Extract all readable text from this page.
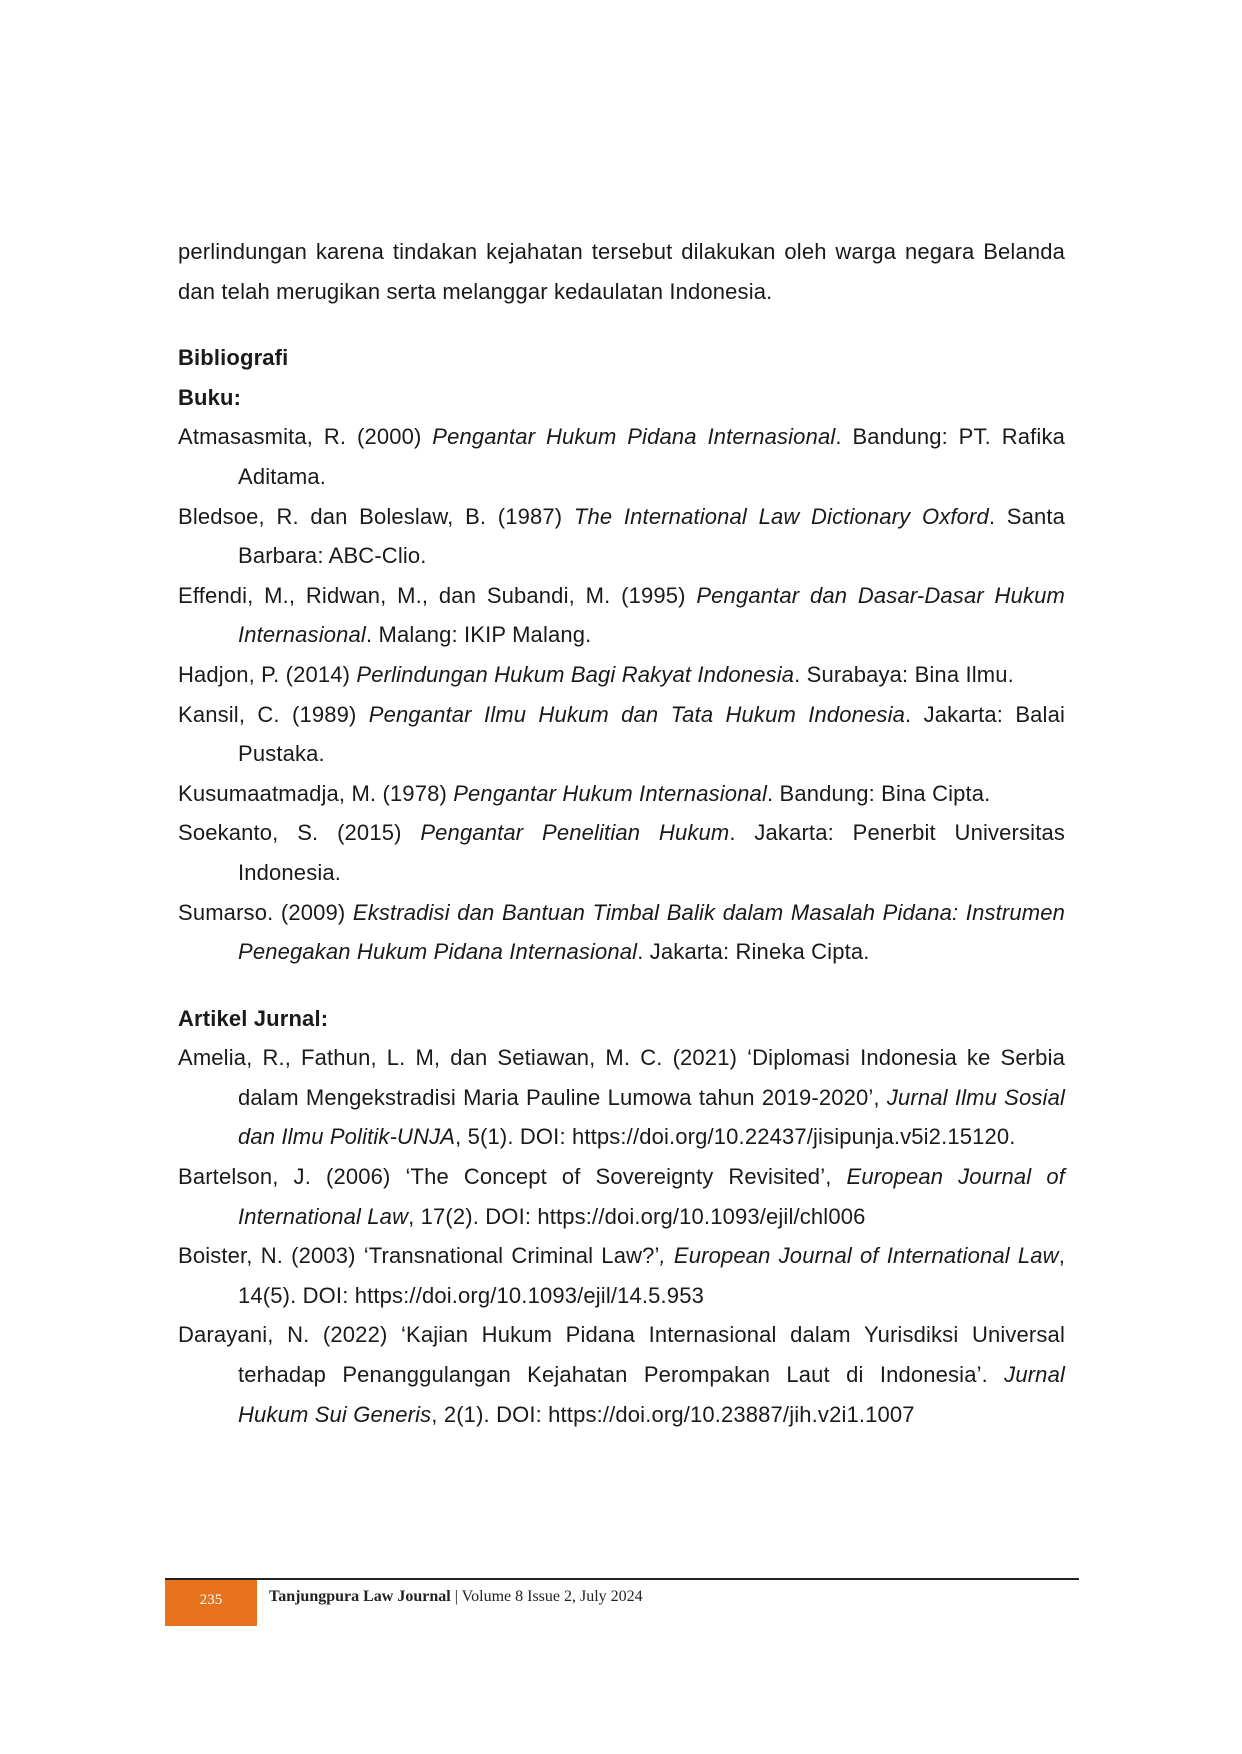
perlindungan karena tindakan kejahatan tersebut dilakukan oleh warga negara Belanda dan telah merugikan serta melanggar kedaulatan Indonesia.

Bibliografi

Buku:

Atmasasmita, R. (2000) Pengantar Hukum Pidana Internasional. Bandung: PT. Rafika Aditama.

Bledsoe, R. dan Boleslaw, B. (1987) The International Law Dictionary Oxford. Santa Barbara: ABC-Clio.

Effendi, M., Ridwan, M., dan Subandi, M. (1995) Pengantar dan Dasar-Dasar Hukum Internasional. Malang: IKIP Malang.

Hadjon, P. (2014) Perlindungan Hukum Bagi Rakyat Indonesia. Surabaya: Bina Ilmu.

Kansil, C. (1989) Pengantar Ilmu Hukum dan Tata Hukum Indonesia. Jakarta: Balai Pustaka.

Kusumaatmadja, M. (1978) Pengantar Hukum Internasional. Bandung: Bina Cipta.

Soekanto, S. (2015) Pengantar Penelitian Hukum. Jakarta: Penerbit Universitas Indonesia.

Sumarso. (2009) Ekstradisi dan Bantuan Timbal Balik dalam Masalah Pidana: Instrumen Penegakan Hukum Pidana Internasional. Jakarta: Rineka Cipta.

Artikel Jurnal:

Amelia, R., Fathun, L. M, dan Setiawan, M. C. (2021) ‘Diplomasi Indonesia ke Serbia dalam Mengekstradisi Maria Pauline Lumowa tahun 2019-2020’, Jurnal Ilmu Sosial dan Ilmu Politik-UNJA, 5(1). DOI: https://doi.org/10.22437/jisipunja.v5i2.15120.

Bartelson, J. (2006) ‘The Concept of Sovereignty Revisited’, European Journal of International Law, 17(2). DOI: https://doi.org/10.1093/ejil/chl006

Boister, N. (2003) ‘Transnational Criminal Law?’, European Journal of International Law, 14(5). DOI: https://doi.org/10.1093/ejil/14.5.953

Darayani, N. (2022) ‘Kajian Hukum Pidana Internasional dalam Yurisdiksi Universal terhadap Penanggulangan Kejahatan Perompakan Laut di Indonesia’. Jurnal Hukum Sui Generis, 2(1). DOI: https://doi.org/10.23887/jih.v2i1.1007

235	Tanjungpura Law Journal | Volume 8 Issue 2, July 2024
